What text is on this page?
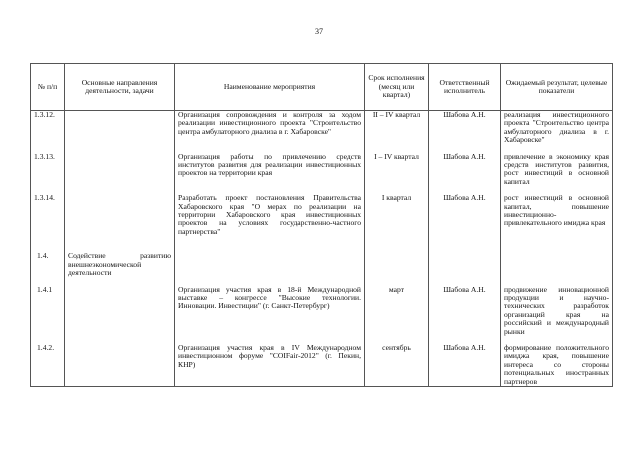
37
№ п/п	Основные направления деятельности, задачи	Наименование мероприятия	Срок исполнения (месяц или квартал)	Ответственный исполнитель	Ожидаемый результат, целевые показатели
1.3.12.		Организация сопровождения и контроля за ходом реализации инвестиционного проекта "Строительство центра амбулаторного диализа в г. Хабаровске"	II – IV квартал	Шабова А.Н.	реализация инвестиционного проекта "Строительство центра амбулаторного диализа в г. Хабаровске"

1.3.13.		Организация работы по привлечению средств институтов развития для реализации инвестиционных проектов на территории края	I – IV квартал	Шабова А.Н.	привлечение в экономику края средств институтов развития, рост инвестиций в основной капитал

1.3.14.		Разработать проект постановления Правительства Хабаровского края "О мерах по реализации на территории Хабаровского края инвестиционных проектов на условиях государственно-частного партнерства"	I квартал	Шабова А.Н.	рост инвестиций в основной капитал, повышение инвестиционно-привлекательного имиджа края

1.4.	Содействие развитию внешнеэкономической деятельности				

1.4.1		Организация участия края в 18-й Международной выставке – конгрессе "Высокие технологии. Инновации. Инвестиции" (г. Санкт-Петербург)	март	Шабова А.Н.	продвижение инновационной продукции и научно-технических разработок организаций края на российский и международный рынки

1.4.2.		Организация участия края в IV Международном инвестиционном форуме "COIFair-2012" (г. Пекин, КНР)	сентябрь	Шабова А.Н.	формирование положительного имиджа края, повышение интереса со стороны потенциальных иностранных партнеров
